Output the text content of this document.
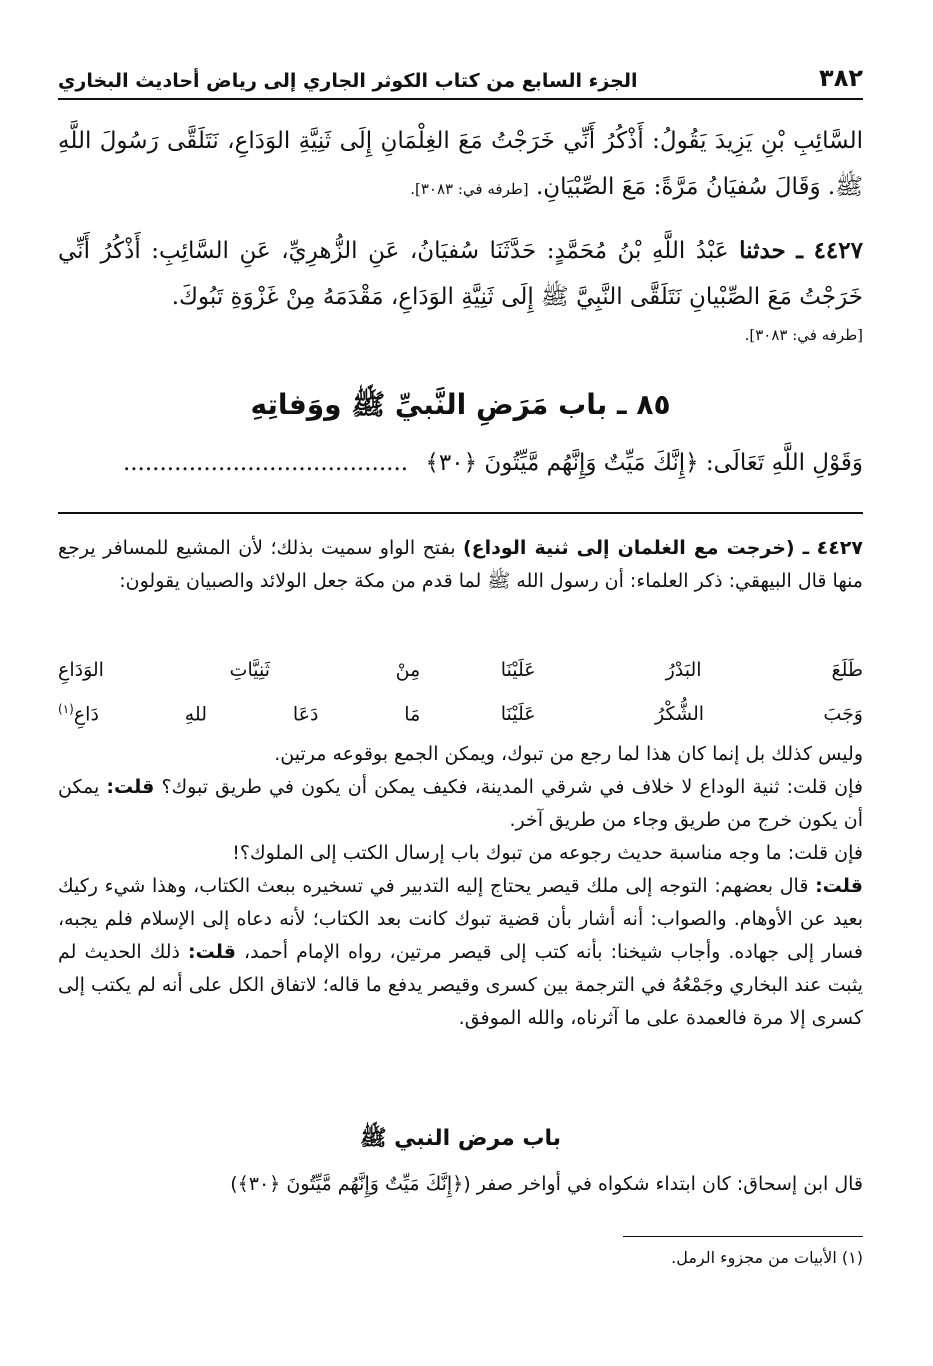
٣٨٢
الجزء السابع من كتاب الكوثر الجاري إلى رياض أحاديث البخاري
السَّائِبِ بْنِ يَزِيدَ يَقُولُ: أَذْكُرُ أَنِّي خَرَجْتُ مَعَ الغِلْمَانِ إِلَى ثَنِيَّةِ الوَدَاعِ، نَتَلَقَّى رَسُولَ اللَّهِ ﷺ. وَقَالَ سُفيَانُ مَرَّةً: مَعَ الصِّبْيَانِ. [طرفه في: ٣٠٨٣].
٤٤٢٧ ـ حدثنا عَبْدُ اللَّهِ بْنُ مُحَمَّدٍ: حَدَّثَنَا سُفيَانُ، عَنِ الزُّهرِيِّ، عَنِ السَّائِبِ: أَذْكُرُ أَنِّي خَرَجْتُ مَعَ الصِّبْيانِ نَتَلَقَّى النَّبِيَّ ﷺ إِلَى ثَنِيَّةِ الوَدَاعِ، مَقْدَمَهُ مِنْ غَزْوَةِ تَبُوكَ.
[طرفه في: ٣٠٨٣].
٨٥ ـ باب مَرَضِ النَّبيِّ ﷺ ووَفاتِهِ
وَقَوْلِ اللَّهِ تَعَالَى: ﴿إِنَّكَ مَيِّتٌ وَإِنَّهُم مَّيِّتُونَ ﴿٣٠﴾ .......................................
٤٤٢٧ ـ (خرجت مع الغلمان إلى ثنية الوداع) بفتح الواو سميت بذلك؛ لأن المشيع للمسافر يرجع منها قال البيهقي: ذكر العلماء: أن رسول الله ﷺ لما قدم من مكة جعل الولائد والصبيان يقولون:
طَلَعَ البَدْرُ عَلَيْنَا
مِنْ ثَنِيَّاتِ الوَدَاعِ
وَجَبَ الشُّكْرُ عَلَيْنَا
مَا دَعَا للهِ دَاعِ$^{(١)}$
وليس كذلك بل إنما كان هذا لما رجع من تبوك، ويمكن الجمع بوقوعه مرتين.
فإن قلت: ثنية الوداع لا خلاف في شرقي المدينة، فكيف يمكن أن يكون في طريق تبوك؟ قلت: يمكن أن يكون خرج من طريق وجاء من طريق آخر.
فإن قلت: ما وجه مناسبة حديث رجوعه من تبوك باب إرسال الكتب إلى الملوك؟!
قلت: قال بعضهم: التوجه إلى ملك قيصر يحتاج إليه التدبير في تسخيره ببعث الكتاب، وهذا شيء ركيك بعيد عن الأوهام. والصواب: أنه أشار بأن قضية تبوك كانت بعد الكتاب؛ لأنه دعاه إلى الإسلام فلم يجبه، فسار إلى جهاده. وأجاب شيخنا: بأنه كتب إلى قيصر مرتين، رواه الإمام أحمد، قلت: ذلك الحديث لم يثبت عند البخاري وجَمْعُهُ في الترجمة بين كسرى وقيصر يدفع ما قاله؛ لاتفاق الكل على أنه لم يكتب إلى كسرى إلا مرة فالعمدة على ما آثرناه، والله الموفق.
باب مرض النبي ﷺ
قال ابن إسحاق: كان ابتداء شكواه في أواخر صفر (﴿إِنَّكَ مَيِّتٌ وَإِنَّهُم مَّيِّتُونَ ﴿٣٠﴾)
(١) الأبيات من مجزوء الرمل.
